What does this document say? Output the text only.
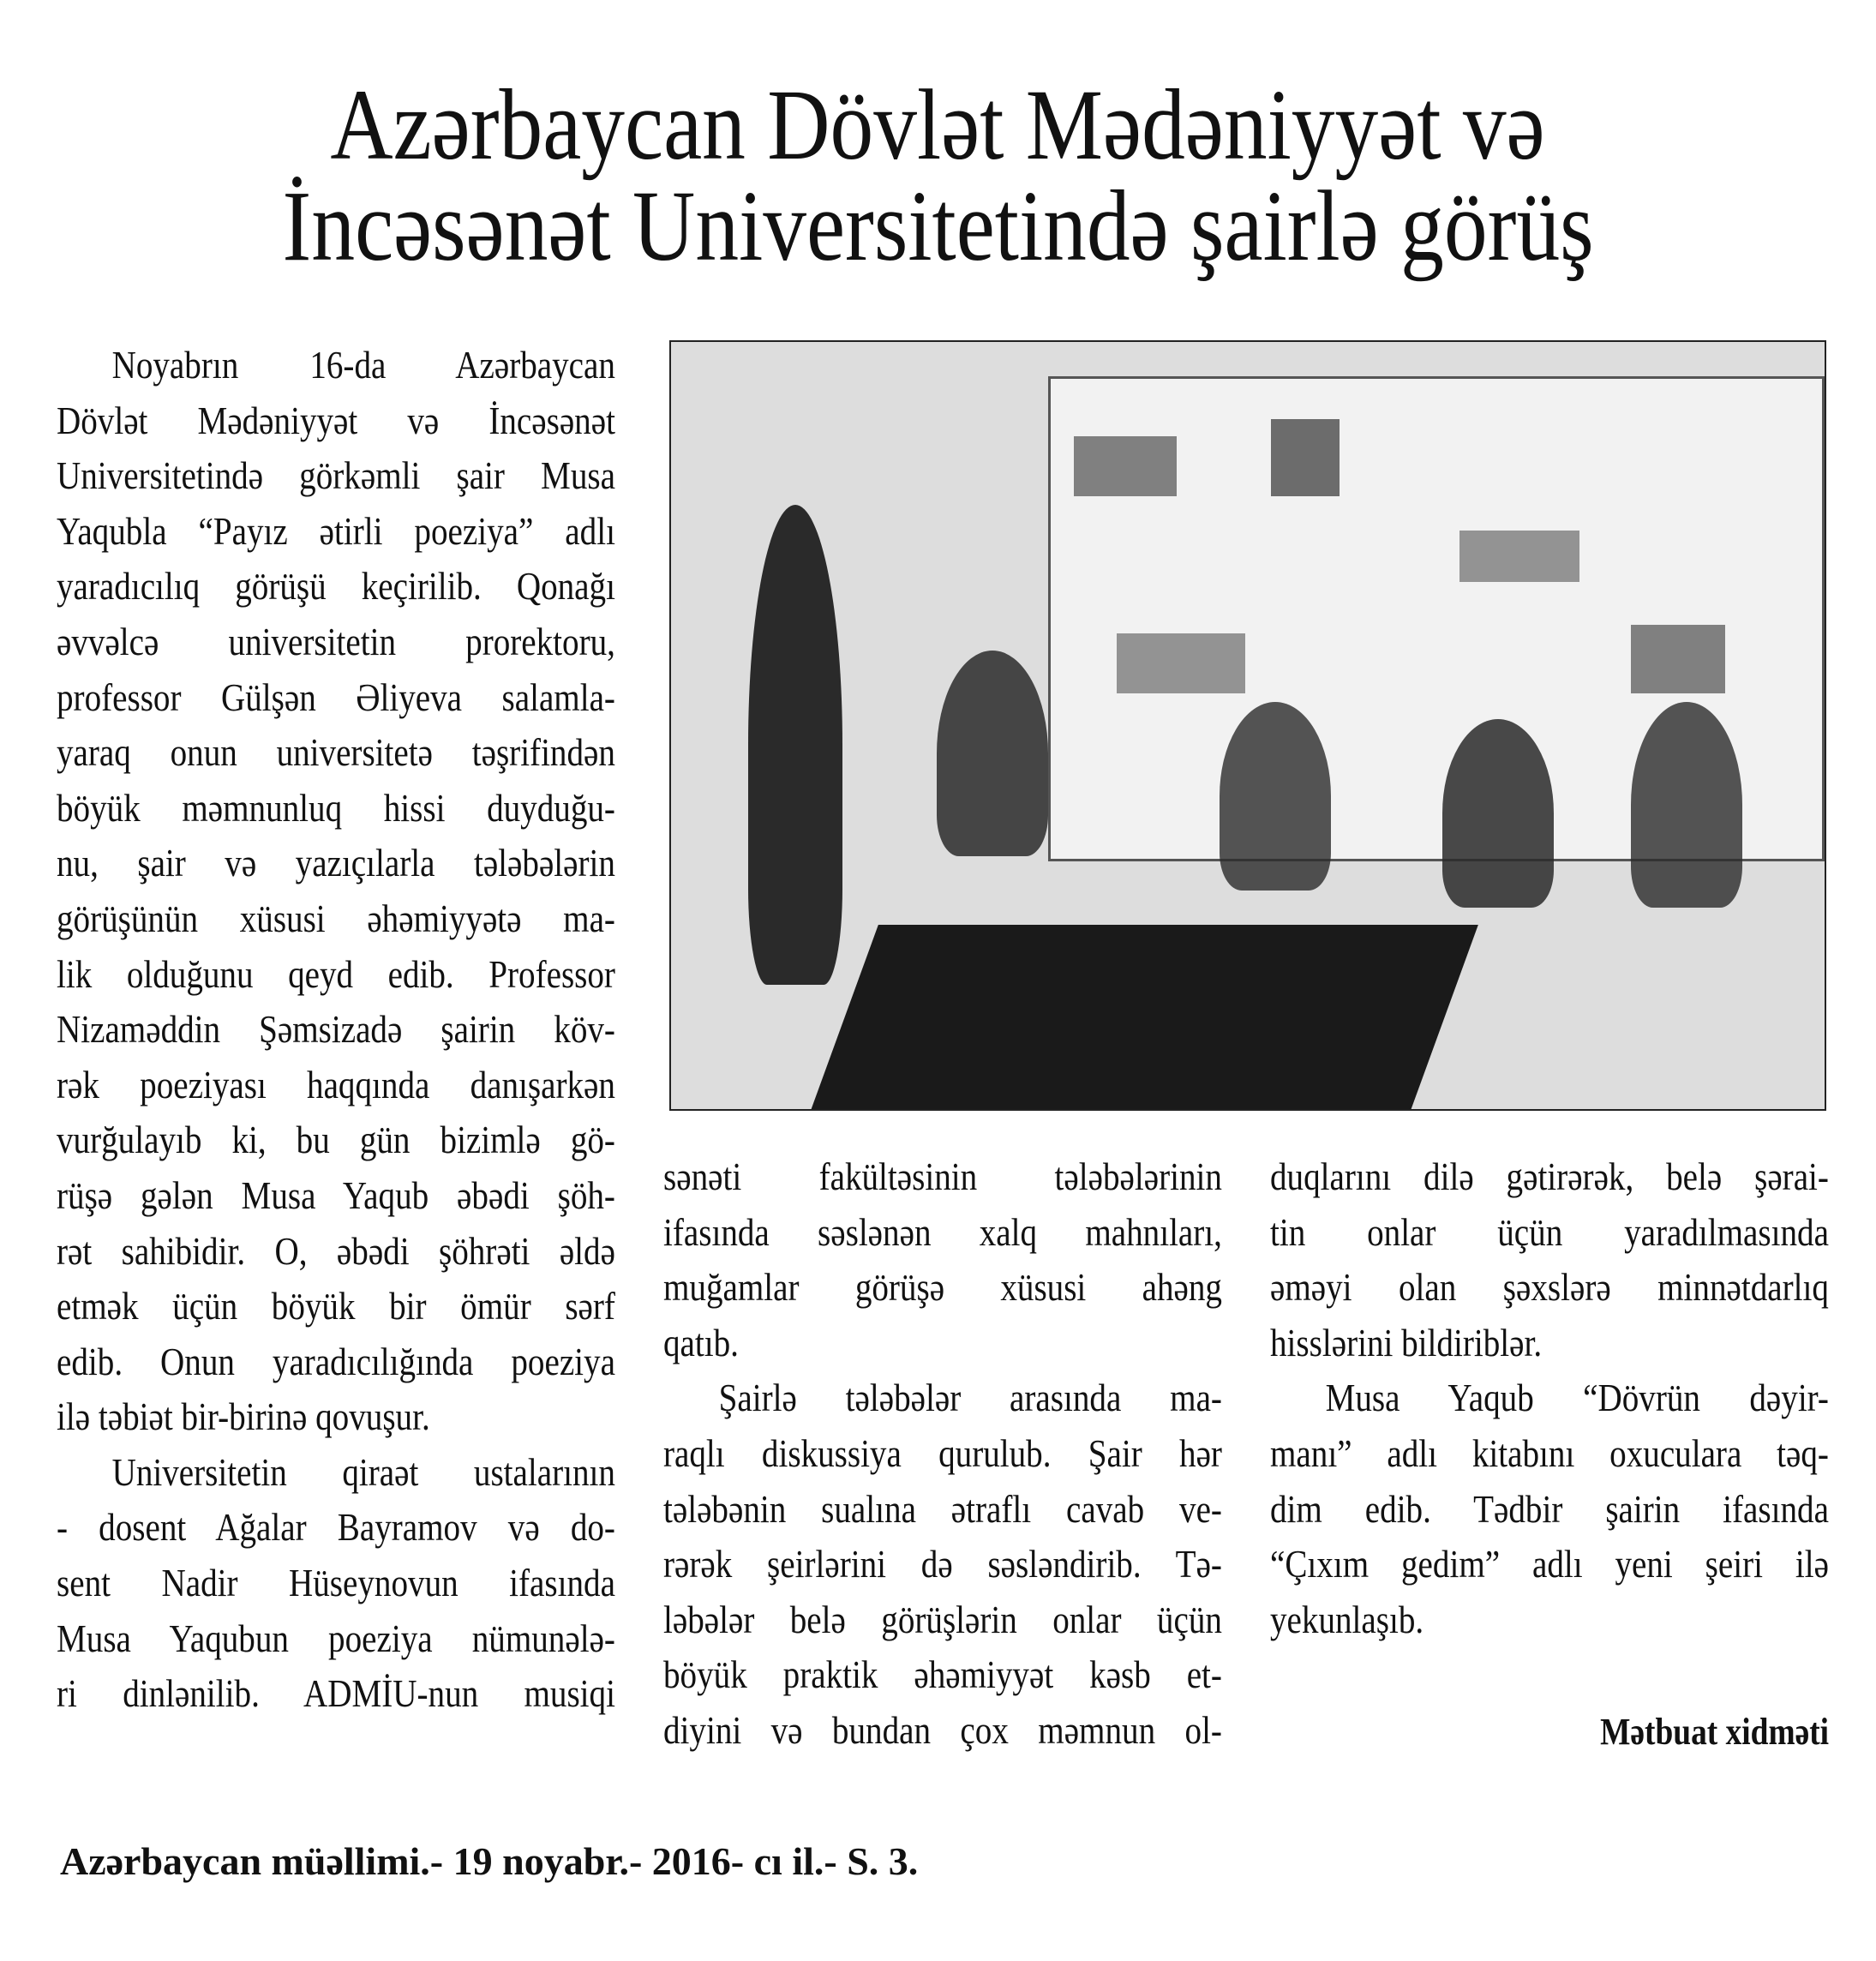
Azərbaycan Dövlət Mədəniyyət və
İncəsənət Universitetində şairlə görüş
Noyabrın 16-da Azərbaycan
Dövlət Mədəniyyət və İncəsənət
Universitetində görkəmli şair Musa
Yaqubla “Payız ətirli poeziya” adlı
yaradıcılıq görüşü keçirilib. Qonağı
əvvəlcə universitetin prorektoru,
professor Gülşən Əliyeva salamla-
yaraq onun universitetə təşrifindən
böyük məmnunluq hissi duyduğu-
nu, şair və yazıçılarla tələbələrin
görüşünün xüsusi əhəmiyyətə ma-
lik olduğunu qeyd edib. Professor
Nizaməddin Şəmsizadə şairin köv-
rək poeziyası haqqında danışarkən
vurğulayıb ki, bu gün bizimlə gö-
rüşə gələn Musa Yaqub əbədi şöh-
rət sahibidir. O, əbədi şöhrəti əldə
etmək üçün böyük bir ömür sərf
edib. Onun yaradıcılığında poeziya
ilə təbiət bir-birinə qovuşur.
Universitetin qiraət ustalarının
- dosent Ağalar Bayramov və do-
sent Nadir Hüseynovun ifasında
Musa Yaqubun poeziya nümunələ-
ri dinlənilib. ADMİU-nun musiqi
sənəti fakültəsinin tələbələrinin
ifasında səslənən xalq mahnıları,
muğamlar görüşə xüsusi ahəng
qatıb.
Şairlə tələbələr arasında ma-
raqlı diskussiya qurulub. Şair hər
tələbənin sualına ətraflı cavab ve-
rərək şeirlərini də səsləndirib. Tə-
ləbələr belə görüşlərin onlar üçün
böyük praktik əhəmiyyət kəsb et-
diyini və bundan çox məmnun ol-
duqlarını dilə gətirərək, belə şərai-
tin onlar üçün yaradılmasında
əməyi olan şəxslərə minnətdarlıq
hisslərini bildiriblər.
Musa Yaqub “Dövrün dəyir-
manı” adlı kitabını oxuculara təq-
dim edib. Tədbir şairin ifasında
“Çıxım gedim” adlı yeni şeiri ilə
yekunlaşıb.
Mətbuat xidməti
Azərbaycan müəllimi.- 19 noyabr.- 2016- cı il.- S. 3.
